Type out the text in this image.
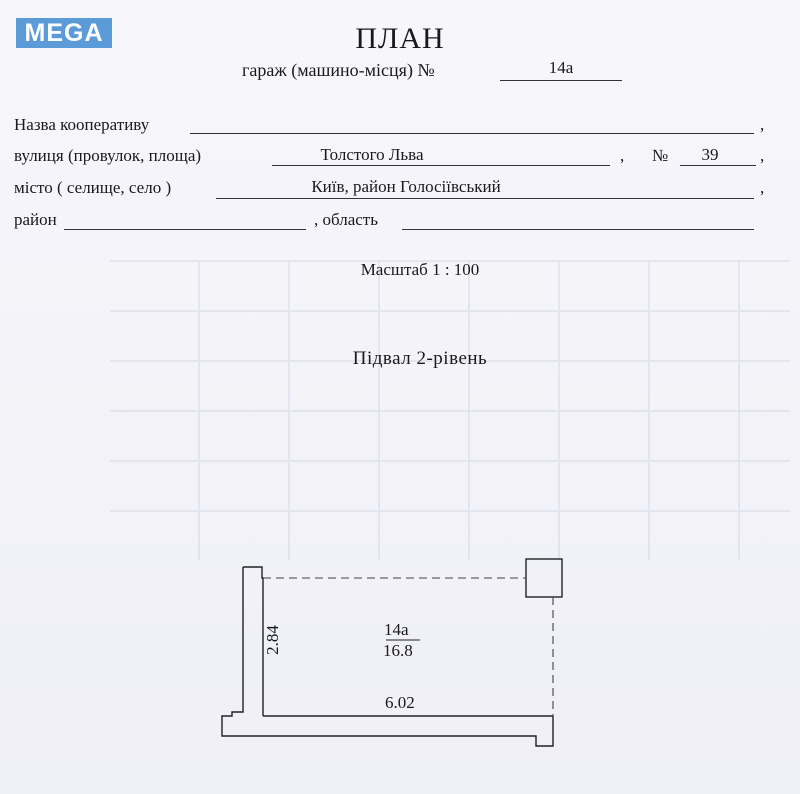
MEGA	ПЛАН
гараж (машино-місця) №	14а
Назва кооперативу	,
вулиця (провулок, площа)	Толстого Льва	, №	39	,
місто ( селище, село )	Київ, район Голосіївський	,
район	, область
Масштаб 1 : 100
Підвал 2-рівень
14а
16.8
2.84
6.02
